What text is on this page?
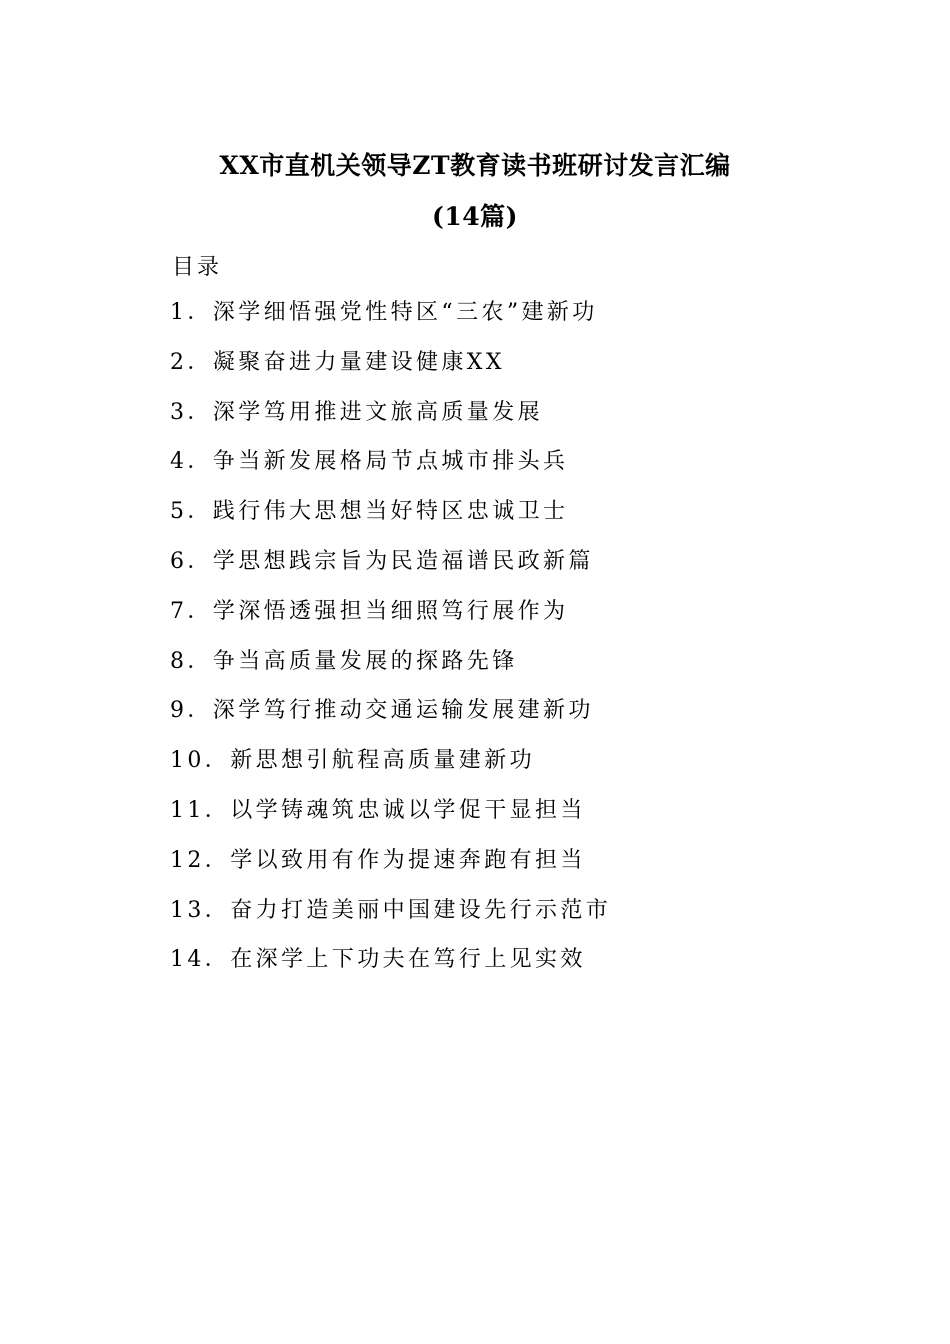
XX市直机关领导ZT教育读书班研讨发言汇编
(14篇)
目录
1．深学细悟强党性特区“三农”建新功
2．凝聚奋进力量建设健康XX
3．深学笃用推进文旅高质量发展
4．争当新发展格局节点城市排头兵
5．践行伟大思想当好特区忠诚卫士
6．学思想践宗旨为民造福谱民政新篇
7．学深悟透强担当细照笃行展作为
8．争当高质量发展的探路先锋
9．深学笃行推动交通运输发展建新功
10．新思想引航程高质量建新功
11．以学铸魂筑忠诚以学促干显担当
12．学以致用有作为提速奔跑有担当
13．奋力打造美丽中国建设先行示范市
14．在深学上下功夫在笃行上见实效
